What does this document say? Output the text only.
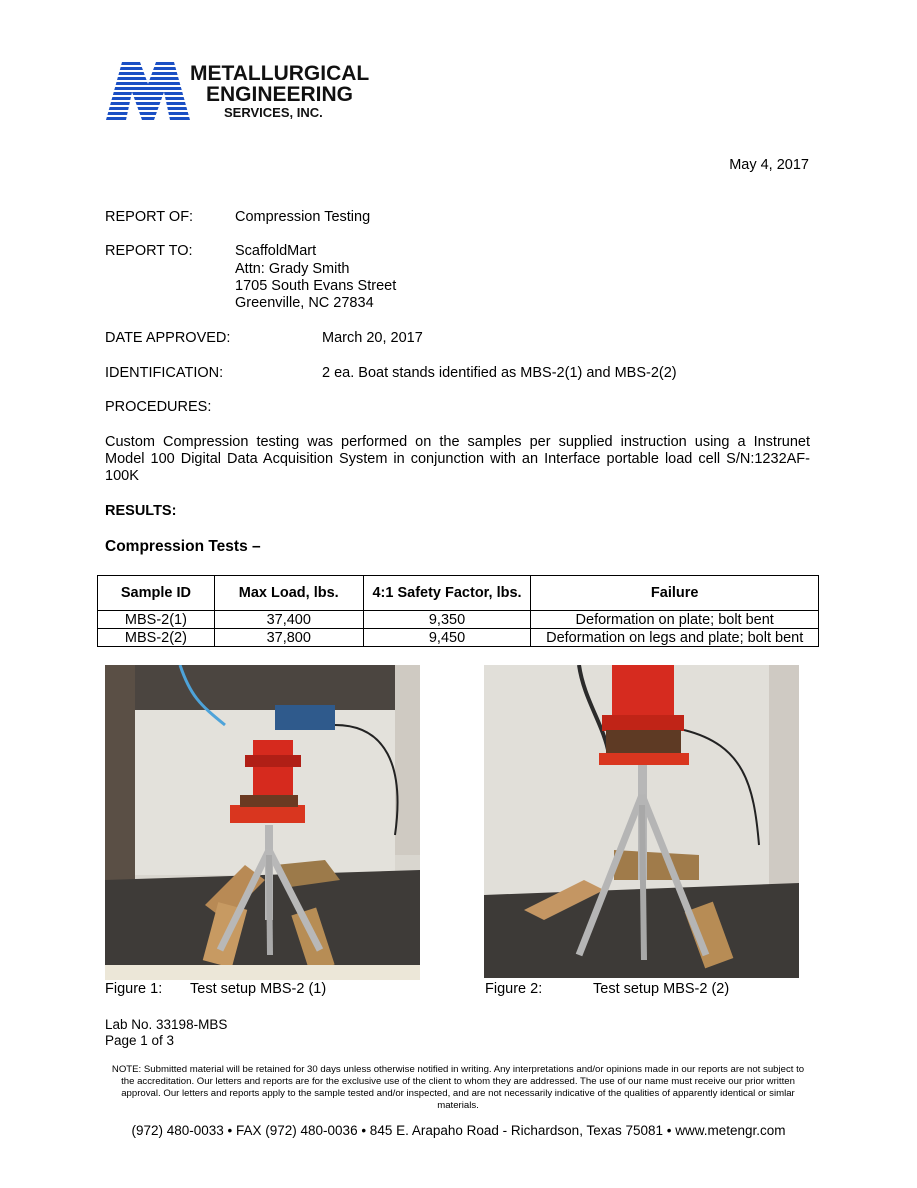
METALLURGICAL
ENGINEERING
SERVICES, INC.
May 4, 2017
REPORT OF:	Compression Testing
REPORT TO:	ScaffoldMart
Attn: Grady Smith
1705 South Evans Street
Greenville, NC 27834
DATE APPROVED:	March 20, 2017
IDENTIFICATION:	2 ea. Boat stands identified as MBS-2(1) and MBS-2(2)
PROCEDURES:
Custom Compression testing was performed on the samples per supplied instruction using a Instrunet
Model 100 Digital Data Acquisition System in conjunction with an Interface portable load cell S/N:1232AF-
100K
RESULTS:
Compression Tests –
Sample ID	Max Load, lbs.	4:1 Safety Factor, lbs.	Failure
MBS-2(1)	37,400	9,350	Deformation on plate; bolt bent
MBS-2(2)	37,800	9,450	Deformation on legs and plate; bolt bent
Figure 1: Test setup MBS-2 (1)	Figure 2:	Test setup MBS-2 (2)
Lab No. 33198-MBS
Page 1 of 3
NOTE: Submitted material will be retained for 30 days unless otherwise notified in writing. Any interpretations and/or opinions made in our reports are not subject to the accreditation. Our letters and reports are for the exclusive use of the client to whom they are addressed. The use of our name must receive our prior written approval. Our letters and reports apply to the sample tested and/or inspected, and are not necessarily indicative of the qualities of apparently identical or simlar materials.
(972) 480-0033 • FAX (972) 480-0036 • 845 E. Arapaho Road - Richardson, Texas 75081 • www.metengr.com
